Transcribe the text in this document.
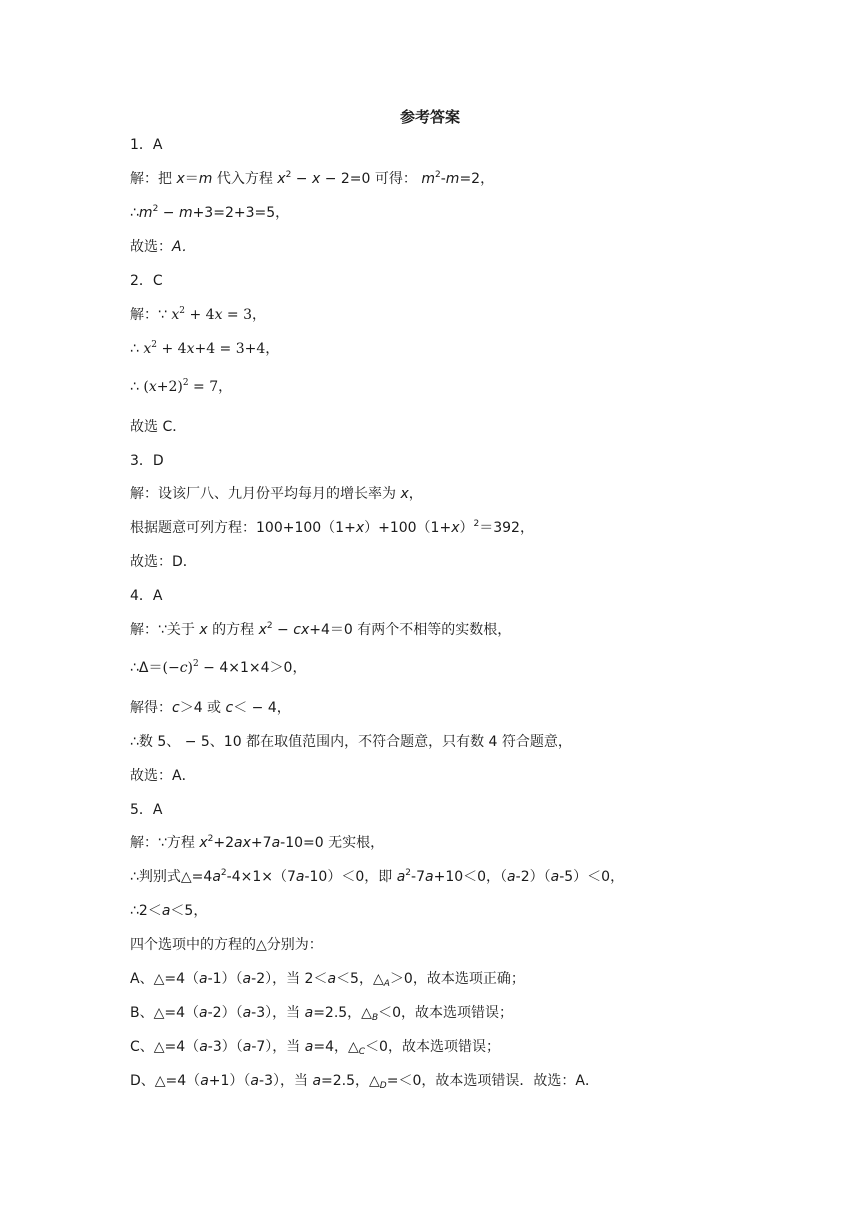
参考答案
1．A
解：把 x＝m 代入方程 $x^2 - x - 2=0$ 可得： $m^2-m=2$，
$\therefore m^2 - m+3=2+3=5$，
故选：A．
2．C
解：∵ $x^2 + 4x = 3$，
∴ $x^2 + 4x+4 = 3+4$，
∴ $(x+2)^2 = 7$，
故选 C．
3．D
解：设该厂八、九月份平均每月的增长率为 x，
根据题意可列方程：$100+100(1+x)+100(1+x)^2=392$，
故选：D．
4．A
解：∵关于 x 的方程 $x^2 - cx+4=0$ 有两个不相等的实数根，
$\therefore\Delta=(-c)^2 - 4\times 1\times 4>0$，
解得：c＞4 或 c＜ − 4，
∴数 5、 − 5、10 都在取值范围内，不符合题意，只有数 4 符合题意，
故选：A．
5．A
解：∵方程 $x^2+2ax+7a-10=0$ 无实根，
∴判别式$\triangle=4a^2-4\times 1\times(7a-10)<0$，即 $a^2-7a+10<0$，（a-2）（a-5）＜0，
∴2＜a＜5，
四个选项中的方程的△分别为：
A、△=4（a-1）（a-2），当 2＜a＜5，$\triangle_A>0$，故本选项正确；
B、△=4（a-2）（a-3），当 a=2.5，$\triangle_B<0$，故本选项错误；
C、△=4（a-3）（a-7），当 a=4，$\triangle_C<0$，故本选项错误；
D、△=4（a+1）（a-3），当 a=2.5，$\triangle_D=<0$，故本选项错误．故选：A．
